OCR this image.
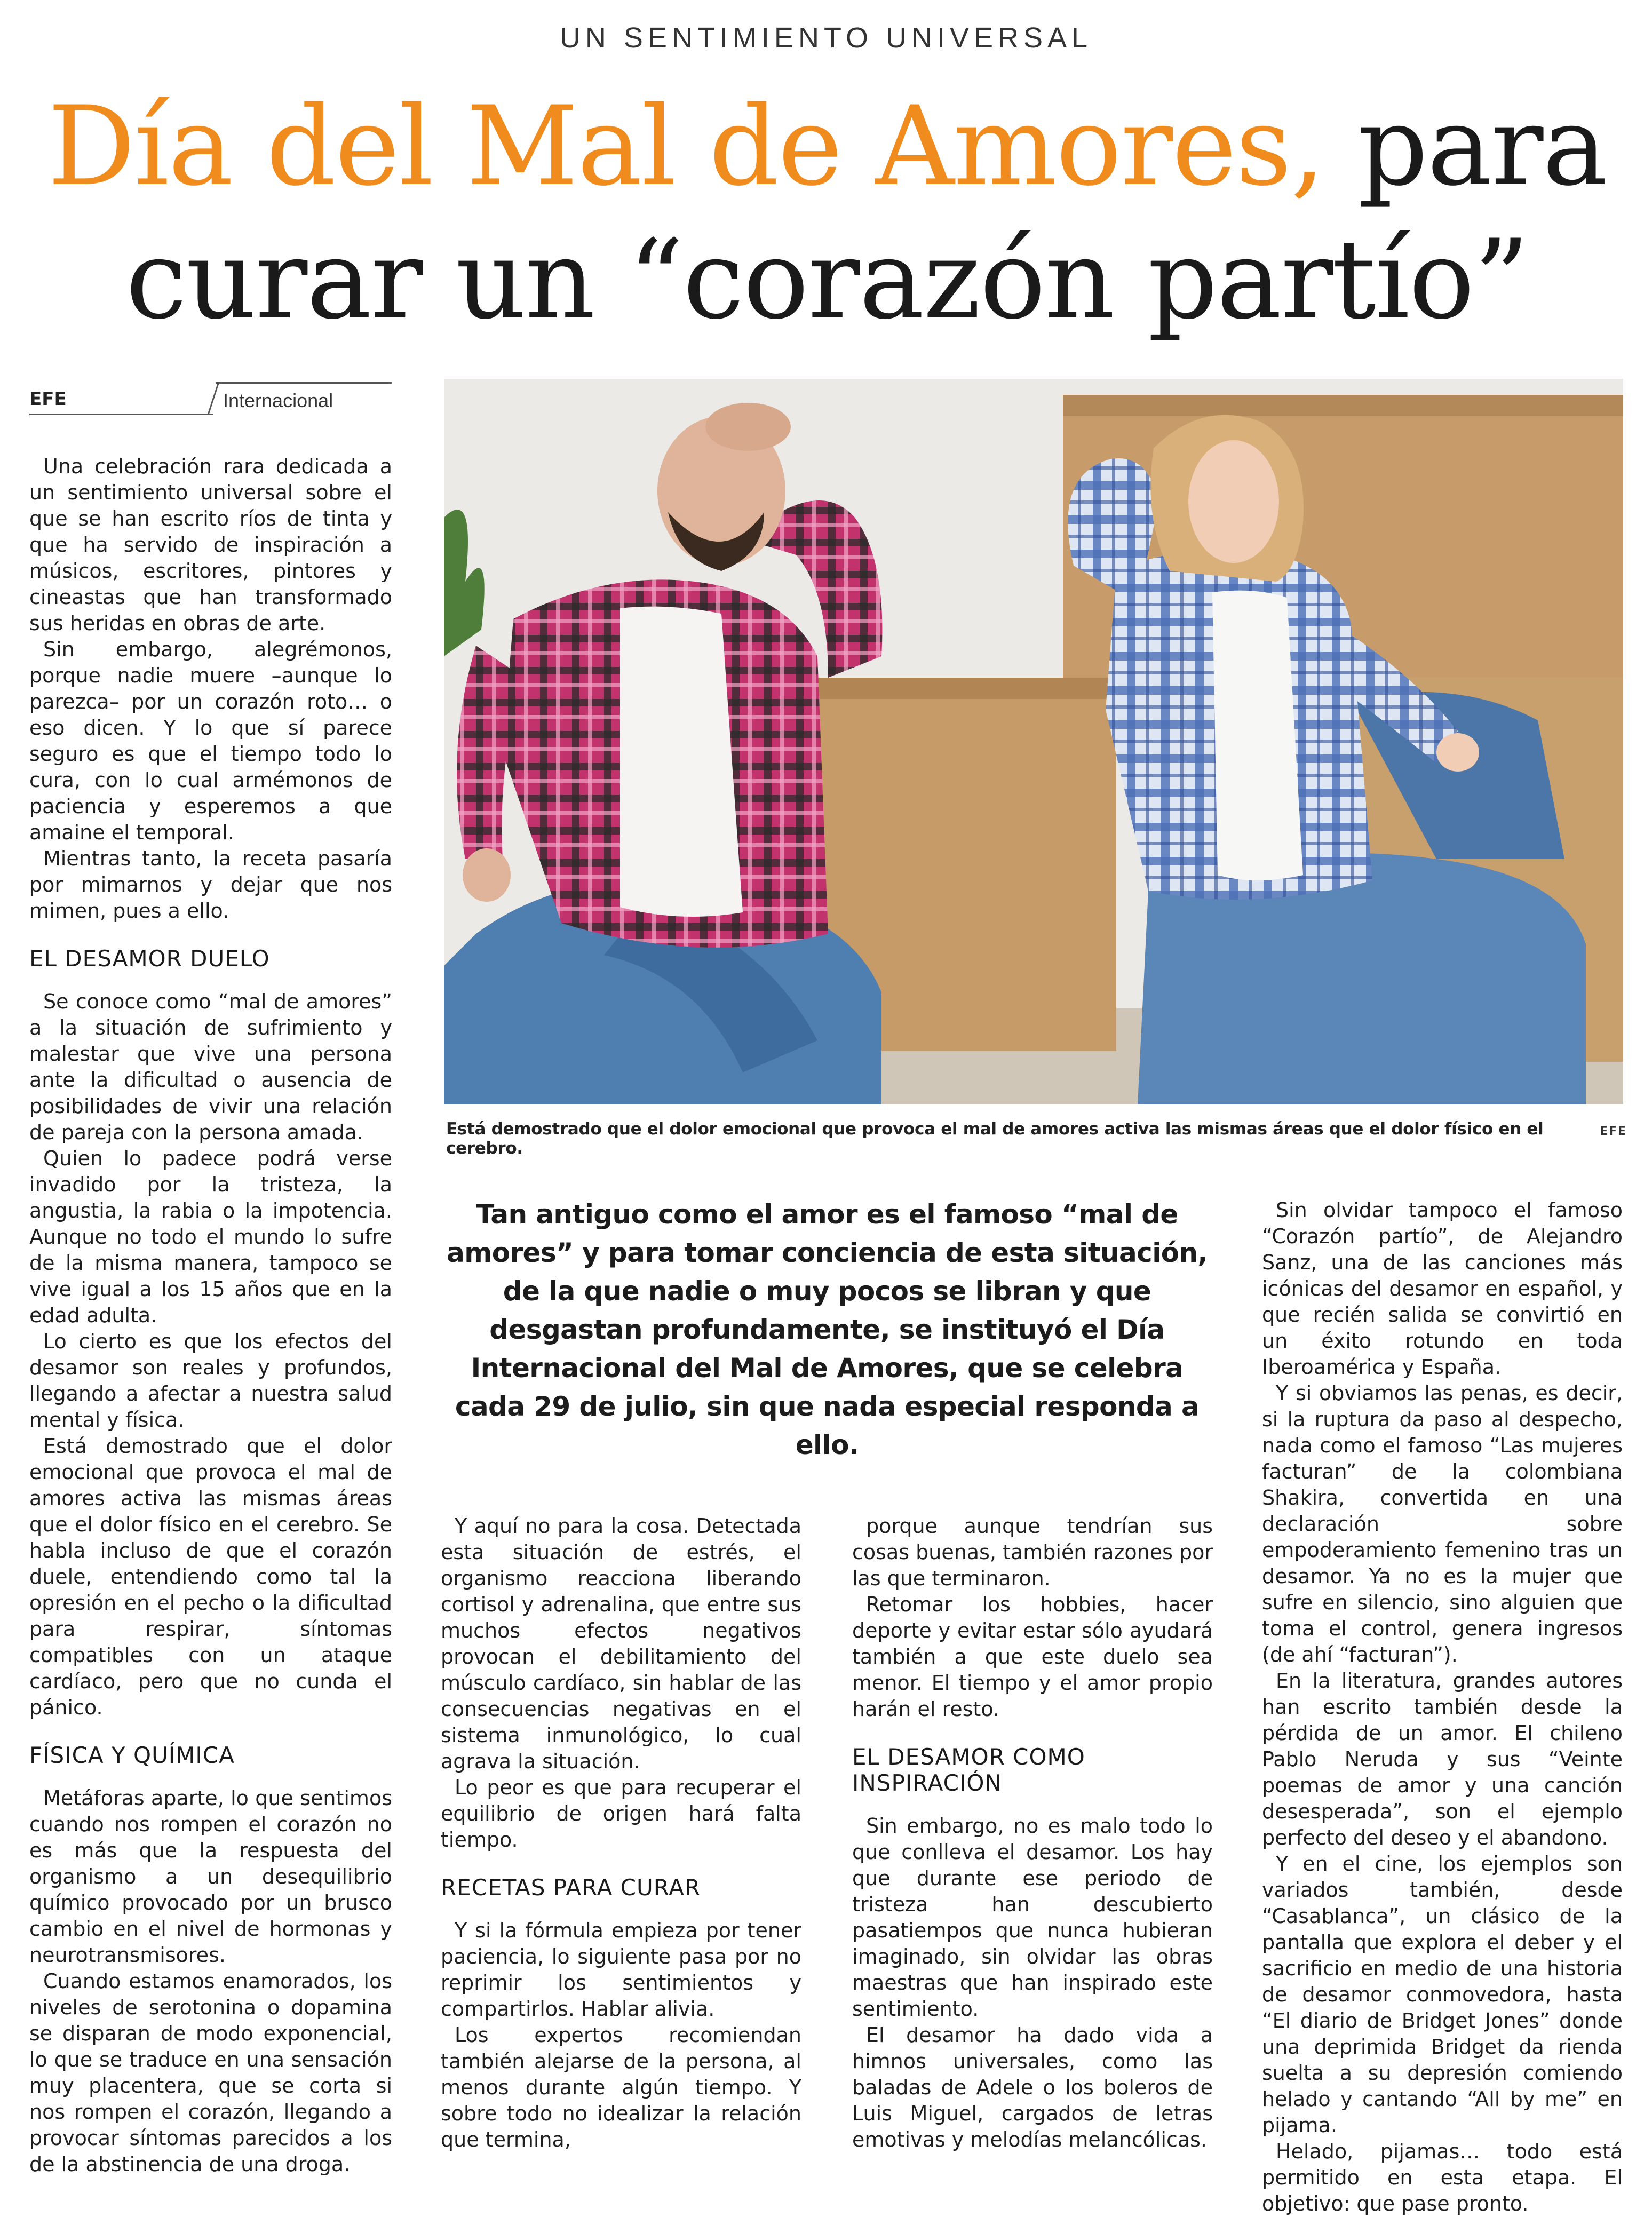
UN SENTIMIENTO UNIVERSAL
Día del Mal de Amores, para
curar un “corazón partío”
EFE	Internacional

Una celebración rara dedicada a un sentimiento universal sobre el que se han escrito ríos de tinta y que ha servido de inspiración a músicos, escritores, pintores y cineastas que han transformado sus heridas en obras de arte.

Sin embargo, alegrémonos, porque nadie muere –aunque lo parezca– por un corazón roto… o eso dicen. Y lo que sí parece seguro es que el tiempo todo lo cura, con lo cual armémonos de paciencia y esperemos a que amaine el temporal.

Mientras tanto, la receta pasaría por mimarnos y dejar que nos mimen, pues a ello.

EL DESAMOR DUELO

Se conoce como “mal de amores” a la situación de sufrimiento y malestar que vive una persona ante la dificultad o ausencia de posibilidades de vivir una relación de pareja con la persona amada.

Quien lo padece podrá verse invadido por la tristeza, la angustia, la rabia o la impotencia. Aunque no todo el mundo lo sufre de la misma manera, tampoco se vive igual a los 15 años que en la edad adulta.

Lo cierto es que los efectos del desamor son reales y profundos, llegando a afectar a nuestra salud mental y física.

Está demostrado que el dolor emocional que provoca el mal de amores activa las mismas áreas que el dolor físico en el cerebro. Se habla incluso de que el corazón duele, entendiendo como tal la opresión en el pecho o la dificultad para respirar, síntomas compatibles con un ataque cardíaco, pero que no cunda el pánico.

FÍSICA Y QUÍMICA

Metáforas aparte, lo que sentimos cuando nos rompen el corazón no es más que la respuesta del organismo a un desequilibrio químico provocado por un brusco cambio en el nivel de hormonas y neurotransmisores.

Cuando estamos enamorados, los niveles de serotonina o dopamina se disparan de modo exponencial, lo que se traduce en una sensación muy placentera, que se corta si nos rompen el corazón, llegando a provocar síntomas parecidos a los de la abstinencia de una droga.

Está demostrado que el dolor emocional que provoca el mal de amores activa las mismas áreas que el dolor físico en el cerebro.
EFE
Tan antiguo como el amor es el famoso “mal de amores” y para tomar conciencia de esta situación, de la que nadie o muy pocos se libran y que desgastan profundamente, se instituyó el Día Internacional del Mal de Amores, que se celebra cada 29 de julio, sin que nada especial responda a ello.

Y aquí no para la cosa. Detectada esta situación de estrés, el organismo reacciona liberando cortisol y adrenalina, que entre sus muchos efectos negativos provocan el debilitamiento del músculo cardíaco, sin hablar de las consecuencias negativas en el sistema inmunológico, lo cual agrava la situación.

Lo peor es que para recuperar el equilibrio de origen hará falta tiempo.

RECETAS PARA CURAR

Y si la fórmula empieza por tener paciencia, lo siguiente pasa por no reprimir los sentimientos y compartirlos. Hablar alivia.

Los expertos recomiendan también alejarse de la persona, al menos durante algún tiempo. Y sobre todo no idealizar la relación que termina,

porque aunque tendrían sus cosas buenas, también razones por las que terminaron.

Retomar los hobbies, hacer deporte y evitar estar sólo ayudará también a que este duelo sea menor. El tiempo y el amor propio harán el resto.

EL DESAMOR COMO INSPIRACIÓN

Sin embargo, no es malo todo lo que conlleva el desamor. Los hay que durante ese periodo de tristeza han descubierto pasatiempos que nunca hubieran imaginado, sin olvidar las obras maestras que han inspirado este sentimiento.

El desamor ha dado vida a himnos universales, como las baladas de Adele o los boleros de Luis Miguel, cargados de letras emotivas y melodías melancólicas.

Sin olvidar tampoco el famoso “Corazón partío”, de Alejandro Sanz, una de las canciones más icónicas del desamor en español, y que recién salida se convirtió en un éxito rotundo en toda Iberoamérica y España.

Y si obviamos las penas, es decir, si la ruptura da paso al despecho, nada como el famoso “Las mujeres facturan” de la colombiana Shakira, convertida en una declaración sobre empoderamiento femenino tras un desamor. Ya no es la mujer que sufre en silencio, sino alguien que toma el control, genera ingresos (de ahí “facturan”).

En la literatura, grandes autores han escrito también desde la pérdida de un amor. El chileno Pablo Neruda y sus “Veinte poemas de amor y una canción desesperada”, son el ejemplo perfecto del deseo y el abandono.

Y en el cine, los ejemplos son variados también, desde “Casablanca”, un clásico de la pantalla que explora el deber y el sacrificio en medio de una historia de desamor conmovedora, hasta “El diario de Bridget Jones” donde una deprimida Bridget da rienda suelta a su depresión comiendo helado y cantando “All by me” en pijama.

Helado, pijamas… todo está permitido en esta etapa. El objetivo: que pase pronto.
